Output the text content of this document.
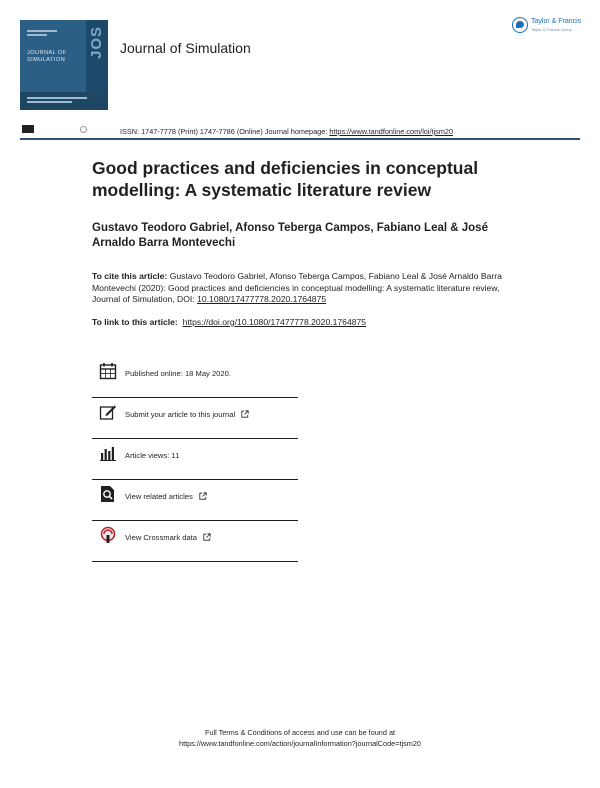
JOS
JOURNAL OF
SIMULATION
Journal of Simulation
Taylor & Francis
Taylor & Francis Group
ISSN: 1747-7778 (Print) 1747-7786 (Online) Journal homepage: https://www.tandfonline.com/loi/tjsm20
Good practices and deficiencies in conceptual modelling: A systematic literature review
Gustavo Teodoro Gabriel, Afonso Teberga Campos, Fabiano Leal & José Arnaldo Barra Montevechi
To cite this article: Gustavo Teodoro Gabriel, Afonso Teberga Campos, Fabiano Leal & José Arnaldo Barra Montevechi (2020): Good practices and deficiencies in conceptual modelling: A systematic literature review, Journal of Simulation, DOI: 10.1080/17477778.2020.1764875
To link to this article: https://doi.org/10.1080/17477778.2020.1764875
Published online: 18 May 2020.
Submit your article to this journal
Article views: 11
View related articles
View Crossmark data
Full Terms & Conditions of access and use can be found at
https://www.tandfonline.com/action/journalInformation?journalCode=tjsm20
